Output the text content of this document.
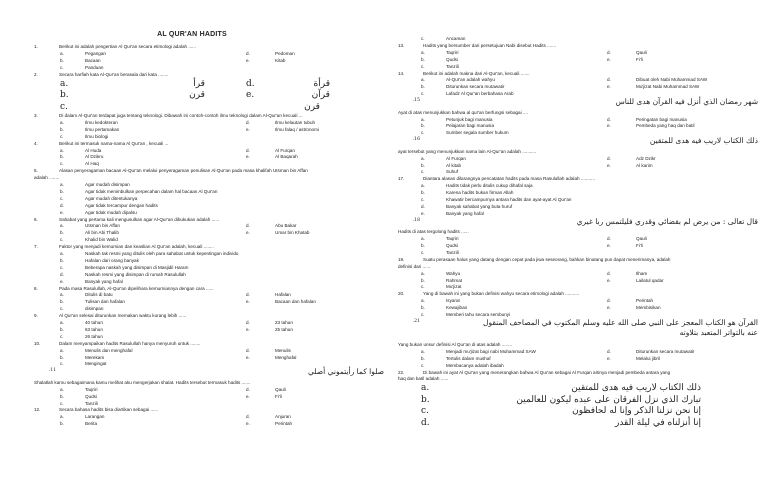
AL QUR'AN HADITS
1.	Berikut ini adalah pengertian Al Qur'an secara etimologi adalah ......
a.	Pegangan	d.	Pedoman
b.	Bacaan	e.	Kitab
c.	Panduan
2.	Secara harfiah kata Al-Qur'an berasala dari kata ........
a.	قرأ	d.	قرأة
b.	قرن	e.	قرآن
c.	قرن
3.	Di dalam Al-Qur'an terdapat juga tentang teknologi. Dibawah ini contoh-contoh ilmu teknologi dalam Al-Qur'an kecuali ...
a.	Ilmu kedokteran	d.	Ilmu kelautan tubuh
b.	Ilmu pertamakan	e.	Ilmu falaq / astronomi
c.	Ilmu biologi
4.	Berikut ini termasuk nama-nama Al Qur'an , kecuali ...
a.	Al Huda	d.	Al Furqan
b.	Al Dzikru	e.	Al Baqarah
c.	Al Haq
5.	Alasan penyeragaman bacaan Al-Qur'an melalui penyeragaman penulisan Al-Qur'an pada masa khalifah Utsman bin Affan
adalah ........
a.	Agar mudah disimpan
b.	Agar tidak menimbulkan perpecahan dalam hal bacaan Al Qur'an
c.	Agar mudah ditentukanya
d.	Agar tidak tercampur dengan hadits
e.	Agar tidak mudah dipalsu
6.	Sahabat yang pertama kali mengusulkan agar Al-Qur'an dibukukan adalah ......
a.	Utsman bin Affan	d.	Abu Bakar
b.	Ali bin Abi Thalib	e.	Umar bin Khatab
c.	Khalid bin Walid
7.	Faktor yang menjadi kemurnian dan keaslian Al Qur'an adalah, kecuali ........
a.	Naskah tak resmi yang ditulis oleh para sahabat untuk kepentingan individu
b.	Hafalan dari orang banyak
c.	Beberapa naskah yang disimpan di Masjidil Haram
d.	Naskah resmi yang disimpan di rumah Rasulullah
e.	Banyak yang hafal
8.	Pada masa Rasulullah, Al-Qur'an dipelihara kemurniannya dengan cara ......
a.	Ditulis di batu	d.	Hafalan
b.	Tulisan dan hafalan	e.	Bacaan dan hafalan
c.	disimpan
9.	Al Qur'an selesai diturunkan memakan waktu kurang lebih ......
a.	40 tahun	d.	23 tahun
b.	63 tahun	e.	25 tahun
c.	26 tahun
10.	Dalam menyampaikan hadits Rasulullah hanya menyuruh untuk ........
a.	Menulis dan menghafal	d.	Menulis
b.	Merekam	e.	Menghafal
c.	Mengingat
11.	صلوا كما رأيتموني أصلي
Shalatlah kamu sebagaimana kamu melihat aku mengerjakan shalat. Hadits tersebut termasuk hadits .......
a.	Taqriri	d.	Qauli
b.	Qudsi	e.	Fi'li
c.	Tanzili
12.	Secara bahasa hadits bisa diartikan sebagai ......
a.	Larangan	d.	Anjuran
b.	Berita	e.	Perintah
c.	Ancaman
13.	Hadits yang bersumber dari persetujuan Nabi disebut Hadits .......
a.	Taqriri	d.	Qauli
b.	Qudsi	e.	Fi'li
c.	Tanzili
14.	Berikut ini adalah makna dari Al-Qur'an, kecuali .......
a.	Al-Qur'an adalah wahyu	d.	Dibuat oleh Nabi Muhammad SAW
b.	Diturunkan secara mutawatir	e.	Mu'jizat Nabi Muhammad SAW
c.	Lafadz Al Qur'an berbahasa Arab
15.	شهر رمضان الذي أنزل فيه القرآن هدى للناس
Ayat di atas menunjukkan bahwa al qur'an berfungsi sebagai ....
a.	Petunjuk bagi manusia	d.	Peringatan bagi manusia
b.	Pelajaran bagi manusia	e.	Pembeda yang haq dan batil
c.	Sumber segala sumber hukum
16.	ذلك الكتاب لاريب فيه هدى للمتقين
ayat tersebut yang menunjukkan nama lain Al-Qur'an adalah ...........
a.	Al Furqan	d.	Adz Dzikr
b.	Al kitab	e.	Al karim
c.	Suhuf
17.	Diantara alasan dilarangnya pencatatan hadits pada masa Rasulullah adalah ...........
a.	Hadits tidak perlu ditulis cukup dihafal saja
b.	Karena hadits bukan firman Allah
c.	Khawatir bercampurnya antara hadits dan ayat-ayat Al Qur'an
d.	Banyak sahabat yang buta huruf
e.	Banyak yang hafal
18.	قال تعالى : من يرض لم بقضائي وقدري فليلتمس ربا غيري
Hadits di atas tergolong hadits ......
a.	Taqriri	d.	Qauli
b.	Qudsi	e.	Fi'li
c.	Tanzili
19.	Suatu perasaan halus yang datang dengan cepat pada jiwa seseorang, bahkan binatang pun dapat menerimanya, adalah
definisi dari ......
a.	Wahyu	d.	Ilham
b.	Rahmat	e.	Lailatul qadar
c.	Mu'jizat
20.	Yang di bawah ini yang bukan definisi wahyu secara etimologi adalah ...........
a.	Isyarat	d.	Perintah
b.	Kewajiban	e.	Membisikan
c.	Memberi tahu secara sembunyi
21.	القرآن هو الكتاب المعجز على النبي صلى الله عليه وسلم المكتوب في المصاحف المنقول
عنه بالتواتر المتعبد بتلاوته
Yang bukan unsur definisi Al Qur'an di atas adalah ........
a.	Menjadi mu'jizat bagi nabi Muhammad SAW	d.	Diturunkan secara mutawatir
b.	Tertulis dalam mushaf	e.	Melalui jibril
c.	Membacanya adalah ibadah
22.	Di bawah ini ayat Al Qur'an yang menerangkan bahwa Al Qur'an sebagai Al Furqan artinya menjadi pembeda antara yang
haq dan batil adalah ......
a.	ذلك الكتاب لاريب فيه هدى للمتقين
b.	تبارك الذي نزل الفرقان على عبده ليكون للعالمين
c.	إنا نحن نزلنا الذكر وإنا له لحافظون
d.	إنا أنزلناه في ليلة القدر
